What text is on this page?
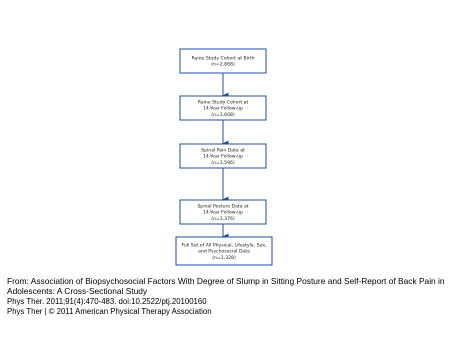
Raine Study Cohort at Birth
(n=2,868)
Raine Study Cohort at
14-Year Follow-up
(n=1,608)
Spinal Pain Data at
14-Year Follow-up
(n=1,596)
Spinal Posture Data at
14-Year Follow-up
(n=1,376)
Full Set of All Physical, Lifestyle, Sex,
and Psychosocial Data
(n=1,328)
From: Association of Biopsychosocial Factors With Degree of Slump in Sitting Posture and Self-Report of Back Pain in Adolescents: A Cross-Sectional Study
Phys Ther. 2011;91(4):470-483. doi:10.2522/ptj.20100160
Phys Ther | © 2011 American Physical Therapy Association
